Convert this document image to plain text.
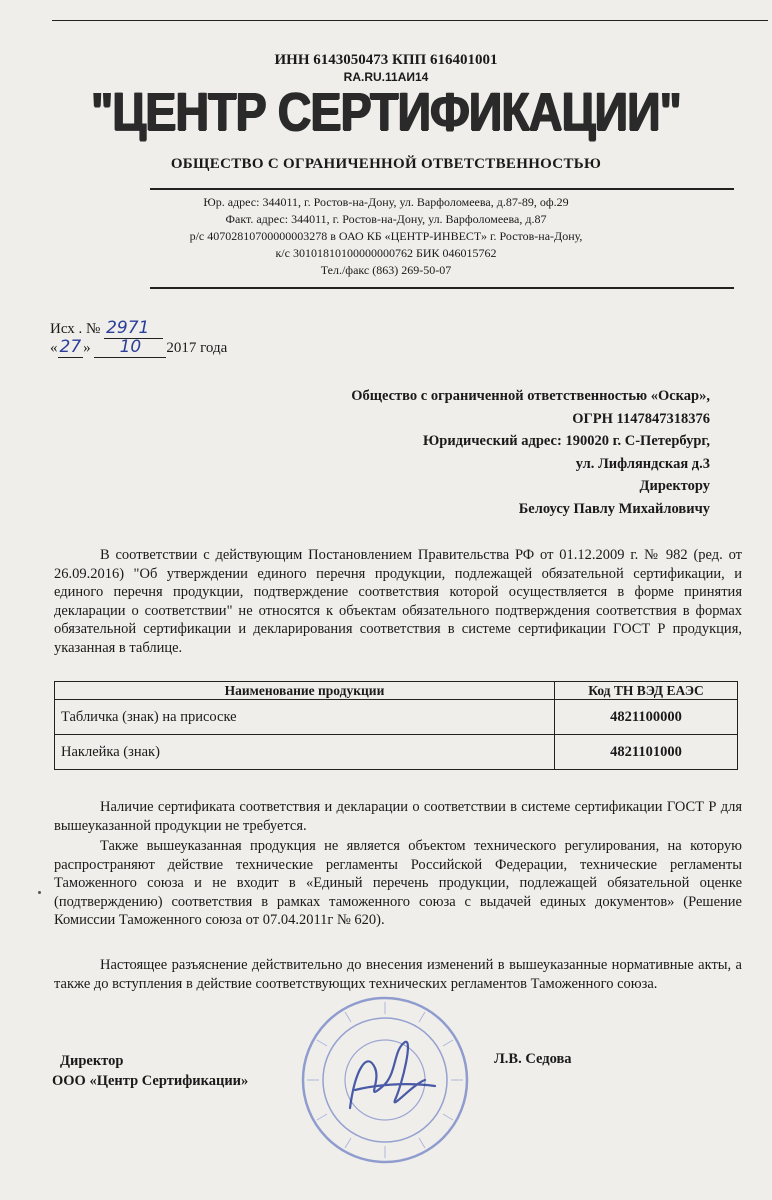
ИНН 6143050473 КПП 616401001
RA.RU.11АИ14
"ЦЕНТР СЕРТИФИКАЦИИ"
ОБЩЕСТВО С ОГРАНИЧЕННОЙ ОТВЕТСТВЕННОСТЬЮ
Юр. адрес: 344011, г. Ростов-на-Дону, ул. Варфоломеева, д.87-89, оф.29
Факт. адрес: 344011, г. Ростов-на-Дону, ул. Варфоломеева, д.87
р/с 40702810700000003278 в ОАО КБ «ЦЕНТР-ИНВЕСТ» г. Ростов-на-Дону,
к/с 30101810100000000762 БИК 046015762
Тел./факс (863) 269-50-07
Исх . № 2971
« 27 » 10 2017 года
Общество с ограниченной ответственностью «Оскар»,
ОГРН 1147847318376
Юридический адрес: 190020 г. С-Петербург,
ул. Лифляндская д.3
Директору
Белоусу Павлу Михайловичу
В соответствии с действующим Постановлением Правительства РФ от 01.12.2009 г. № 982 (ред. от 26.09.2016) "Об утверждении единого перечня продукции, подлежащей обязательной сертификации, и единого перечня продукции, подтверждение соответствия которой осуществляется в форме принятия декларации о соответствии" не относятся к объектам обязательного подтверждения соответствия в формах обязательной сертификации и декларирования соответствия в системе сертификации ГОСТ Р продукция, указанная в таблице.
Наименование продукции	Код ТН ВЭД ЕАЭС
Табличка (знак) на присоске	4821100000
Наклейка (знак)	4821101000
Наличие сертификата соответствия и декларации о соответствии в системе сертификации ГОСТ Р для вышеуказанной продукции не требуется.
Также вышеуказанная продукция не является объектом технического регулирования, на которую распространяют действие технические регламенты Российской Федерации, технические регламенты Таможенного союза и не входит в «Единый перечень продукции, подлежащей обязательной оценке (подтверждению) соответствия в рамках таможенного союза с выдачей единых документов» (Решение Комиссии Таможенного союза от 07.04.2011г № 620).
Настоящее разъяснение действительно до внесения изменений в вышеуказанные нормативные акты, а также до вступления в действие соответствующих технических регламентов Таможенного союза.
Директор
ООО «Центр Сертификации»
Л.В. Седова
